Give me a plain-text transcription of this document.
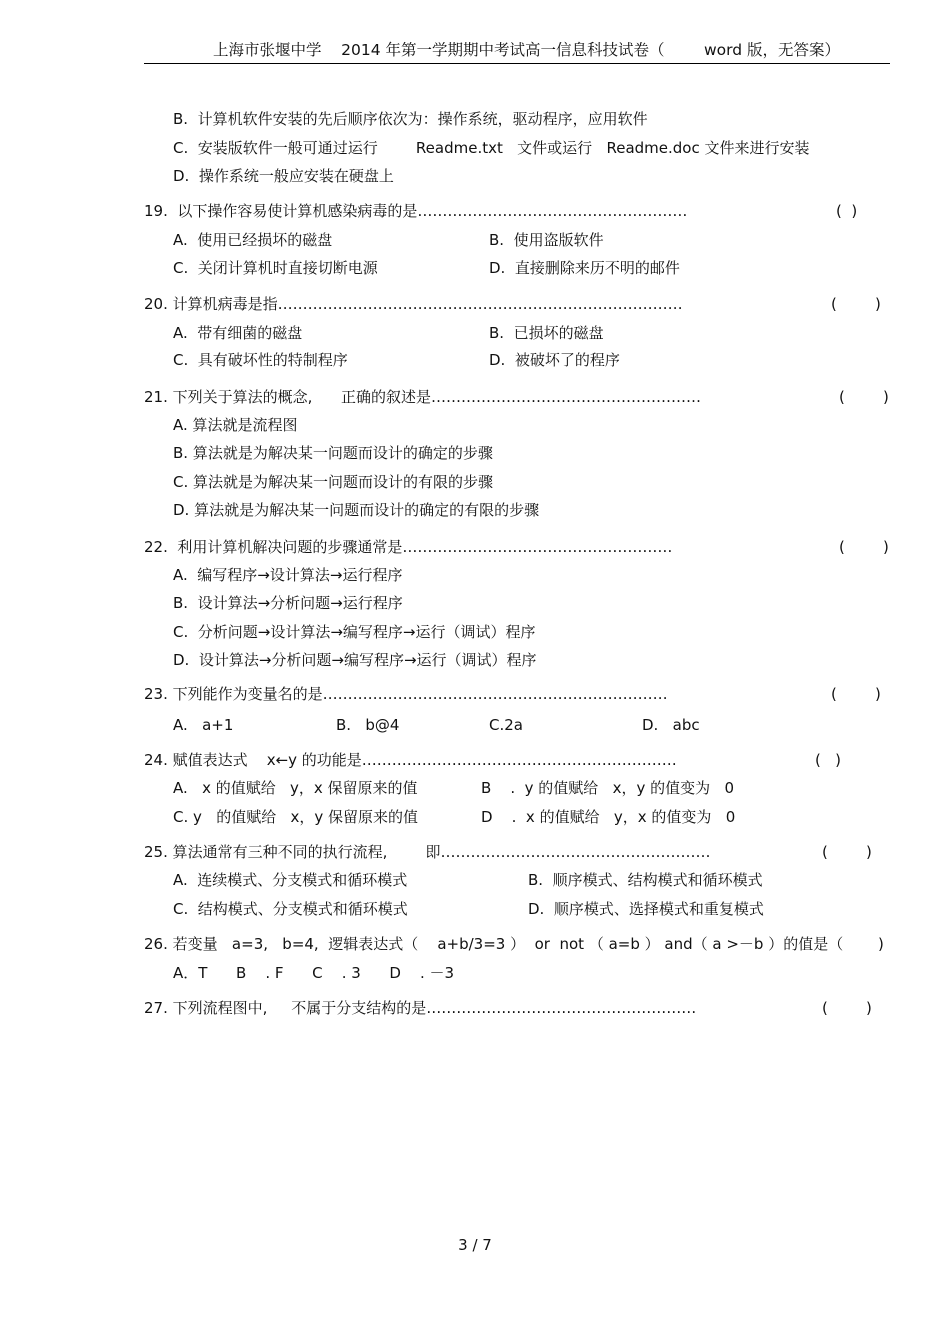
上海市张堰中学    2014 年第一学期期中考试高一信息科技试卷（        word 版，无答案）
B.  计算机软件安装的先后顺序依次为：操作系统，驱动程序，应用软件
C.  安装版软件一般可通过运行        Readme.txt   文件或运行   Readme.doc 文件来进行安装
D.  操作系统一般应安装在硬盘上
19.  以下操作容易使计算机感染病毒的是………………………………………………	(  )
A.  使用已经损坏的磁盘	B.  使用盗版软件
C.  关闭计算机时直接切断电源	D.  直接删除来历不明的邮件
20. 计算机病毒是指………………………………………………………………………	(        )
A.  带有细菌的磁盘	B.  已损坏的磁盘
C.  具有破坏性的特制程序	D.  被破坏了的程序
21. 下列关于算法的概念,      正确的叙述是………………………………………………	(        )
A. 算法就是流程图
B. 算法就是为解决某一问题而设计的确定的步骤
C. 算法就是为解决某一问题而设计的有限的步骤
D. 算法就是为解决某一问题而设计的确定的有限的步骤
22.  利用计算机解决问题的步骤通常是………………………………………………	(        )
A.  编写程序→设计算法→运行程序
B.  设计算法→分析问题→运行程序
C.  分析问题→设计算法→编写程序→运行（调试）程序
D.  设计算法→分析问题→编写程序→运行（调试）程序
23. 下列能作为变量名的是……………………………………………………………	(        )
A.   a+1	B.   b@4	C.2a	D.   abc
24. 赋值表达式    x←y 的功能是………………………………………………………	(   )
A.   x 的值赋给   y，x 保留原来的值	B    .  y 的值赋给   x，y 的值变为   0
C. y   的值赋给   x，y 保留原来的值	D    .  x 的值赋给   y，x 的值变为   0
25. 算法通常有三种不同的执行流程,        即………………………………………………	(        )
A.  连续模式、分支模式和循环模式	B.  顺序模式、结构模式和循环模式
C.  结构模式、分支模式和循环模式	D.  顺序模式、选择模式和重复模式
26. 若变量   a=3,   b=4,  逻辑表达式（    a+b/3=3 ）  or  not （ a=b ） and（ a >－b ）的值是（ )
A．T      B    . F      C    . 3      D    . －3
27. 下列流程图中,     不属于分支结构的是………………………………………………	(        )
3 / 7
